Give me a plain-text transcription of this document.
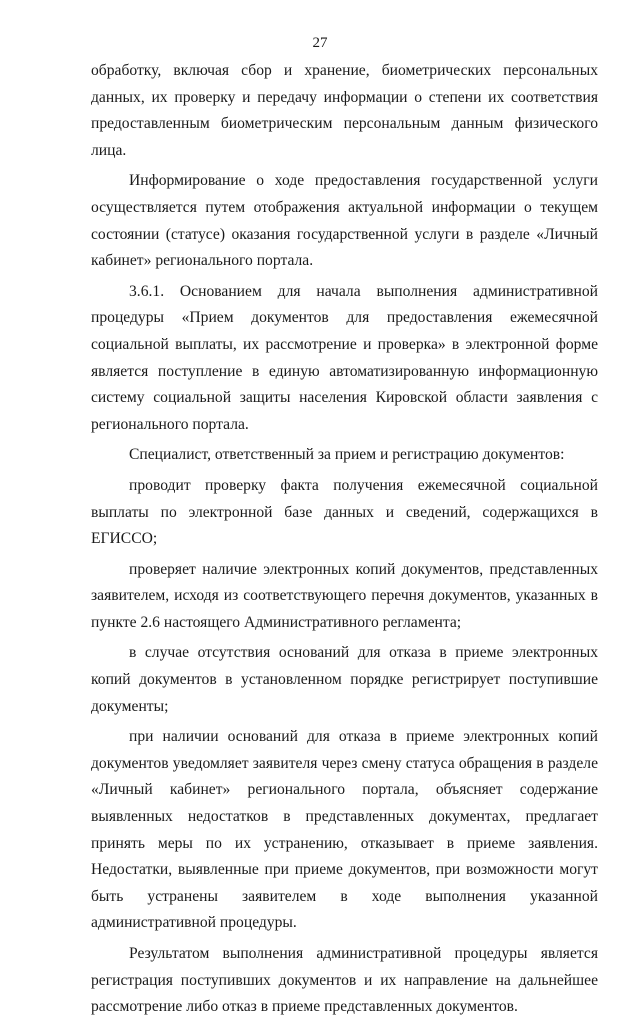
27

обработку, включая сбор и хранение, биометрических персональных данных, их проверку и передачу информации о степени их соответствия предоставленным биометрическим персональным данным физического лица.

Информирование о ходе предоставления государственной услуги осуществляется путем отображения актуальной информации о текущем состоянии (статусе) оказания государственной услуги в разделе «Личный кабинет» регионального портала.

3.6.1. Основанием для начала выполнения административной процедуры «Прием документов для предоставления ежемесячной социальной выплаты, их рассмотрение и проверка» в электронной форме является поступление в единую автоматизированную информационную систему социальной защиты населения Кировской области заявления с регионального портала.

Специалист, ответственный за прием и регистрацию документов:

проводит проверку факта получения ежемесячной социальной выплаты по электронной базе данных и сведений, содержащихся в ЕГИССО;

проверяет наличие электронных копий документов, представленных заявителем, исходя из соответствующего перечня документов, указанных в пункте 2.6 настоящего Административного регламента;

в случае отсутствия оснований для отказа в приеме электронных копий документов в установленном порядке регистрирует поступившие документы;

при наличии оснований для отказа в приеме электронных копий документов уведомляет заявителя через смену статуса обращения в разделе «Личный кабинет» регионального портала, объясняет содержание выявленных недостатков в представленных документах, предлагает принять меры по их устранению, отказывает в приеме заявления. Недостатки, выявленные при приеме документов, при возможности могут быть устранены заявителем в ходе выполнения указанной административной процедуры.

Результатом выполнения административной процедуры является регистрация поступивших документов и их направление на дальнейшее рассмотрение либо отказ в приеме представленных документов.
